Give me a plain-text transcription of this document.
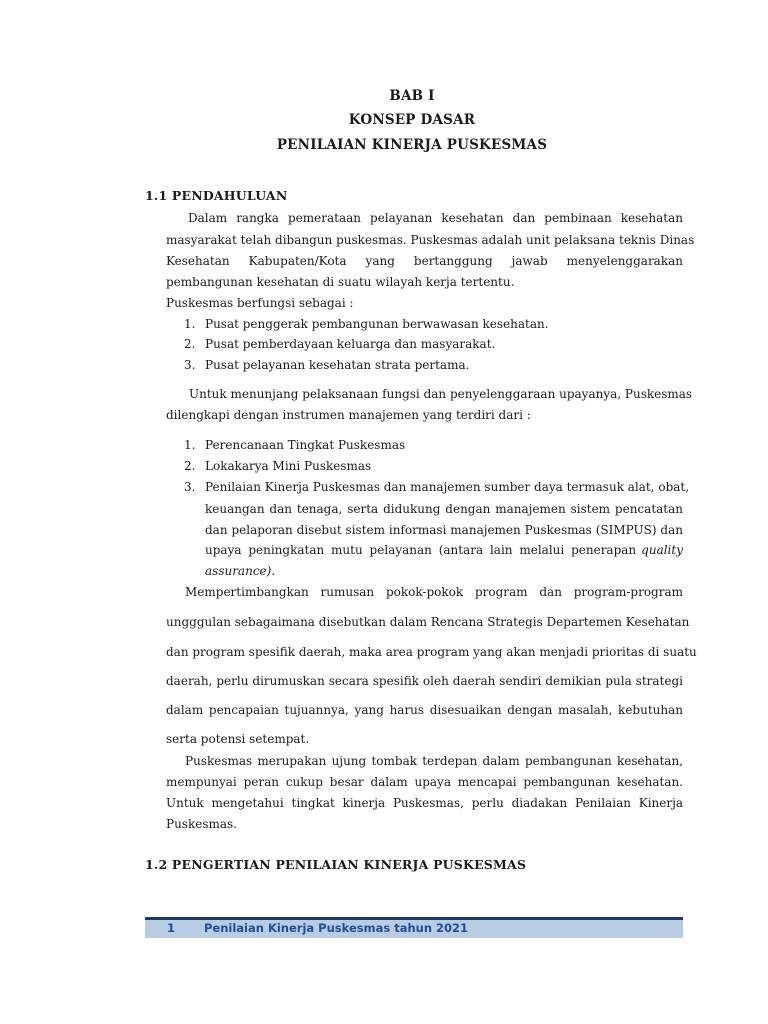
BAB I
KONSEP DASAR
PENILAIAN KINERJA PUSKESMAS
1.1 PENDAHULUAN
Dalam rangka pemerataan pelayanan kesehatan dan pembinaan kesehatan
masyarakat telah dibangun puskesmas. Puskesmas adalah unit pelaksana teknis Dinas
Kesehatan Kabupaten/Kota yang bertanggung jawab menyelenggarakan
pembangunan kesehatan di suatu wilayah kerja tertentu.
Puskesmas berfungsi sebagai :
1. Pusat penggerak pembangunan berwawasan kesehatan.
2. Pusat pemberdayaan keluarga dan masyarakat.
3. Pusat pelayanan kesehatan strata pertama.
Untuk menunjang pelaksanaan fungsi dan penyelenggaraan upayanya, Puskesmas
dilengkapi dengan instrumen manajemen yang terdiri dari :
1. Perencanaan Tingkat Puskesmas
2. Lokakarya Mini Puskesmas
3. Penilaian Kinerja Puskesmas dan manajemen sumber daya termasuk alat, obat,
keuangan dan tenaga, serta didukung dengan manajemen sistem pencatatan
dan pelaporan disebut sistem informasi manajemen Puskesmas (SIMPUS) dan
upaya peningkatan mutu pelayanan (antara lain melalui penerapan quality
assurance).
Mempertimbangkan rumusan pokok-pokok program dan program-program
ungggulan sebagaimana disebutkan dalam Rencana Strategis Departemen Kesehatan
dan program spesifik daerah, maka area program yang akan menjadi prioritas di suatu
daerah, perlu dirumuskan secara spesifik oleh daerah sendiri demikian pula strategi
dalam pencapaian tujuannya, yang harus disesuaikan dengan masalah, kebutuhan
serta potensi setempat.
Puskesmas merupakan ujung tombak terdepan dalam pembangunan kesehatan,
mempunyai peran cukup besar dalam upaya mencapai pembangunan kesehatan.
Untuk mengetahui tingkat kinerja Puskesmas, perlu diadakan Penilaian Kinerja
Puskesmas.
1.2 PENGERTIAN PENILAIAN KINERJA PUSKESMAS
1	Penilaian Kinerja Puskesmas tahun 2021
